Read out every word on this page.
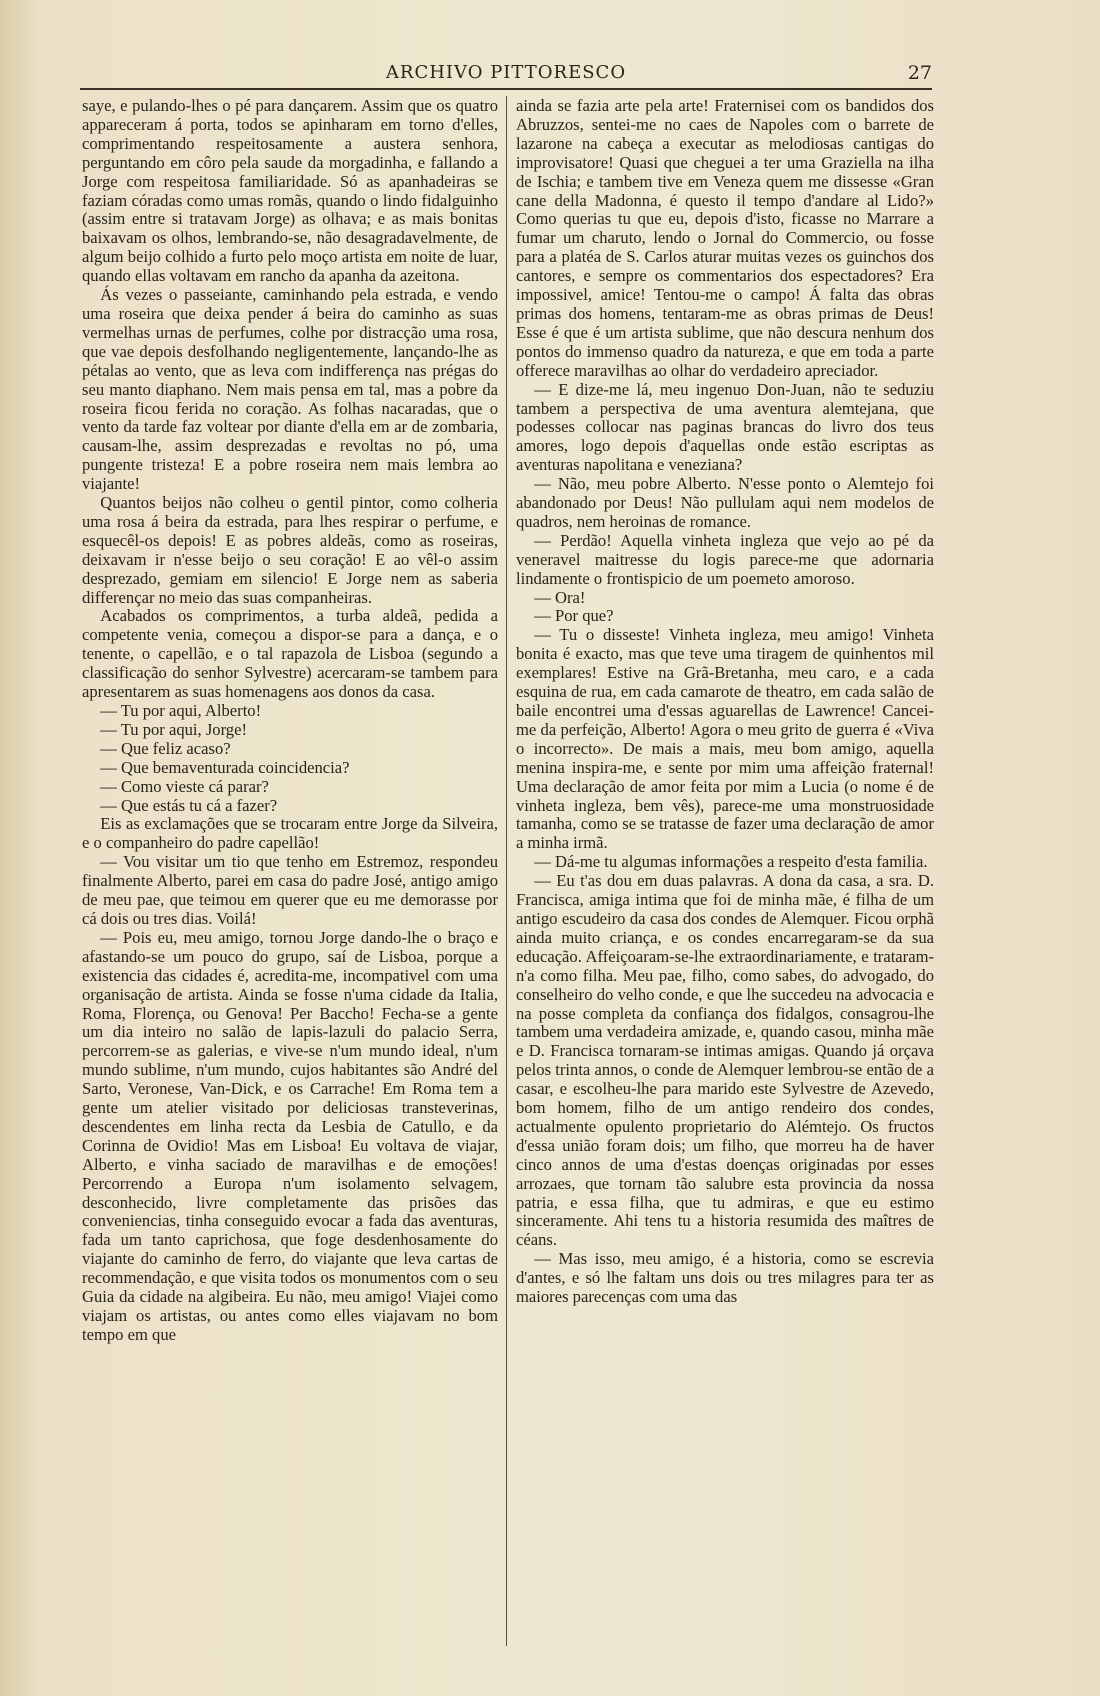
ARCHIVO PITTORESCO	27

saye, e pulando-lhes o pé para dançarem. Assim que os quatro appareceram á porta, todos se apinharam em torno d'elles, comprimentando respeitosamente a austera senhora, perguntando em côro pela saude da morgadinha, e fallando a Jorge com respeitosa familiaridade. Só as apanhadeiras se faziam córadas como umas romãs, quando o lindo fidalguinho (assim entre si tratavam Jorge) as olhava; e as mais bonitas baixavam os olhos, lembrando-se, não desagradavelmente, de algum beijo colhido a furto pelo moço artista em noite de luar, quando ellas voltavam em rancho da apanha da azeitona.

Ás vezes o passeiante, caminhando pela estrada, e vendo uma roseira que deixa pender á beira do caminho as suas vermelhas urnas de perfumes, colhe por distracção uma rosa, que vae depois desfolhando negligentemente, lançando-lhe as pétalas ao vento, que as leva com indifferença nas prégas do seu manto diaphano. Nem mais pensa em tal, mas a pobre da roseira ficou ferida no coração. As folhas nacaradas, que o vento da tarde faz voltear por diante d'ella em ar de zombaria, causam-lhe, assim desprezadas e revoltas no pó, uma pungente tristeza! E a pobre roseira nem mais lembra ao viajante!

Quantos beijos não colheu o gentil pintor, como colheria uma rosa á beira da estrada, para lhes respirar o perfume, e esquecêl-os depois! E as pobres aldeãs, como as roseiras, deixavam ir n'esse beijo o seu coração! E ao vêl-o assim desprezado, gemiam em silencio! E Jorge nem as saberia differençar no meio das suas companheiras.

Acabados os comprimentos, a turba aldeã, pedida a competente venia, começou a dispor-se para a dança, e o tenente, o capellão, e o tal rapazola de Lisboa (segundo a classificação do senhor Sylvestre) acercaram-se tambem para apresentarem as suas homenagens aos donos da casa.

— Tu por aqui, Alberto!

— Tu por aqui, Jorge!

— Que feliz acaso?

— Que bemaventurada coincidencia?

— Como vieste cá parar?

— Que estás tu cá a fazer?

Eis as exclamações que se trocaram entre Jorge da Silveira, e o companheiro do padre capellão!

— Vou visitar um tio que tenho em Estremoz, respondeu finalmente Alberto, parei em casa do padre José, antigo amigo de meu pae, que teimou em querer que eu me demorasse por cá dois ou tres dias. Voilá!

— Pois eu, meu amigo, tornou Jorge dando-lhe o braço e afastando-se um pouco do grupo, saí de Lisboa, porque a existencia das cidades é, acredita-me, incompativel com uma organisação de artista. Ainda se fosse n'uma cidade da Italia, Roma, Florença, ou Genova! Per Baccho! Fecha-se a gente um dia inteiro no salão de lapis-lazuli do palacio Serra, percorrem-se as galerias, e vive-se n'um mundo ideal, n'um mundo sublime, n'um mundo, cujos habitantes são André del Sarto, Veronese, Van-Dick, e os Carrache! Em Roma tem a gente um atelier visitado por deliciosas transteverinas, descendentes em linha recta da Lesbia de Catullo, e da Corinna de Ovidio! Mas em Lisboa! Eu voltava de viajar, Alberto, e vinha saciado de maravilhas e de emoções! Percorrendo a Europa n'um isolamento selvagem, desconhecido, livre completamente das prisões das conveniencias, tinha conseguido evocar a fada das aventuras, fada um tanto caprichosa, que foge desdenhosamente do viajante do caminho de ferro, do viajante que leva cartas de recommendação, e que visita todos os monumentos com o seu Guia da cidade na algibeira. Eu não, meu amigo! Viajei como viajam os artistas, ou antes como elles viajavam no bom tempo em que

ainda se fazia arte pela arte! Fraternisei com os bandidos dos Abruzzos, sentei-me no caes de Napoles com o barrete de lazarone na cabeça a executar as melodiosas cantigas do improvisatore! Quasi que cheguei a ter uma Graziella na ilha de Ischia; e tambem tive em Veneza quem me dissesse «Gran cane della Madonna, é questo il tempo d'andare al Lido?» Como querias tu que eu, depois d'isto, ficasse no Marrare a fumar um charuto, lendo o Jornal do Commercio, ou fosse para a platéa de S. Carlos aturar muitas vezes os guinchos dos cantores, e sempre os commentarios dos espectadores? Era impossivel, amice! Tentou-me o campo! Á falta das obras primas dos homens, tentaram-me as obras primas de Deus! Esse é que é um artista sublime, que não descura nenhum dos pontos do immenso quadro da natureza, e que em toda a parte offerece maravilhas ao olhar do verdadeiro apreciador.

— E dize-me lá, meu ingenuo Don-Juan, não te seduziu tambem a perspectiva de uma aventura alemtejana, que podesses collocar nas paginas brancas do livro dos teus amores, logo depois d'aquellas onde estão escriptas as aventuras napolitana e veneziana?

— Não, meu pobre Alberto. N'esse ponto o Alemtejo foi abandonado por Deus! Não pullulam aqui nem modelos de quadros, nem heroinas de romance.

— Perdão! Aquella vinheta ingleza que vejo ao pé da veneravel maitresse du logis parece-me que adornaria lindamente o frontispicio de um poemeto amoroso.

— Ora!

— Por que?

— Tu o disseste! Vinheta ingleza, meu amigo! Vinheta bonita é exacto, mas que teve uma tiragem de quinhentos mil exemplares! Estive na Grã-Bretanha, meu caro, e a cada esquina de rua, em cada camarote de theatro, em cada salão de baile encontrei uma d'essas aguarellas de Lawrence! Cancei-me da perfeição, Alberto! Agora o meu grito de guerra é «Viva o incorrecto». De mais a mais, meu bom amigo, aquella menina inspira-me, e sente por mim uma affeição fraternal! Uma declaração de amor feita por mim a Lucia (o nome é de vinheta ingleza, bem vês), parece-me uma monstruosidade tamanha, como se se tratasse de fazer uma declaração de amor a minha irmã.

— Dá-me tu algumas informações a respeito d'esta familia.

— Eu t'as dou em duas palavras. A dona da casa, a sra. D. Francisca, amiga intima que foi de minha mãe, é filha de um antigo escudeiro da casa dos condes de Alemquer. Ficou orphã ainda muito criança, e os condes encarregaram-se da sua educação. Affeiçoaram-se-lhe extraordinariamente, e trataram-n'a como filha. Meu pae, filho, como sabes, do advogado, do conselheiro do velho conde, e que lhe succedeu na advocacia e na posse completa da confiança dos fidalgos, consagrou-lhe tambem uma verdadeira amizade, e, quando casou, minha mãe e D. Francisca tornaram-se intimas amigas. Quando já orçava pelos trinta annos, o conde de Alemquer lembrou-se então de a casar, e escolheu-lhe para marido este Sylvestre de Azevedo, bom homem, filho de um antigo rendeiro dos condes, actualmente opulento proprietario do Alémtejo. Os fructos d'essa união foram dois; um filho, que morreu ha de haver cinco annos de uma d'estas doenças originadas por esses arrozaes, que tornam tão salubre esta provincia da nossa patria, e essa filha, que tu admiras, e que eu estimo sinceramente. Ahi tens tu a historia resumida des maîtres de céans.

— Mas isso, meu amigo, é a historia, como se escrevia d'antes, e só lhe faltam uns dois ou tres milagres para ter as maiores parecenças com uma das
